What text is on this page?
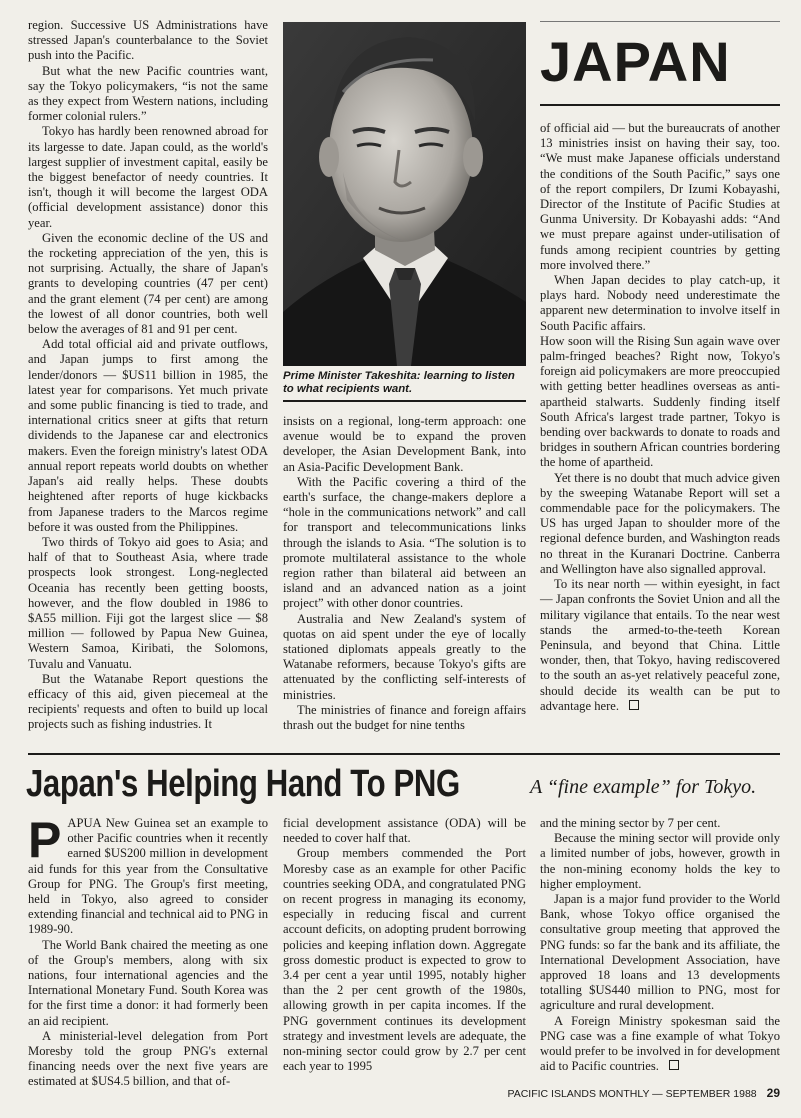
region. Successive US Administrations have stressed Japan's counterbalance to the Soviet push into the Pacific.

But what the new Pacific countries want, say the Tokyo policymakers, “is not the same as they expect from Western nations, including former colonial rulers.”

Tokyo has hardly been renowned abroad for its largesse to date. Japan could, as the world's largest supplier of investment capital, easily be the biggest benefactor of needy countries. It isn't, though it will become the largest ODA (official development assistance) donor this year.

Given the economic decline of the US and the rocketing appreciation of the yen, this is not surprising. Actually, the share of Japan's grants to developing countries (47 per cent) and the grant element (74 per cent) are among the lowest of all donor countries, both well below the averages of 81 and 91 per cent.

Add total official aid and private outflows, and Japan jumps to first among the lender/donors — $US11 billion in 1985, the latest year for comparisons. Yet much private and some public financing is tied to trade, and international critics sneer at gifts that return dividends to the Japanese car and electronics makers. Even the foreign ministry's latest ODA annual report repeats world doubts on whether Japan's aid really helps. These doubts heightened after reports of huge kickbacks from Japanese traders to the Marcos regime before it was ousted from the Philippines.

Two thirds of Tokyo aid goes to Asia; and half of that to Southeast Asia, where trade prospects look strongest. Long-neglected Oceania has recently been getting boosts, however, and the flow doubled in 1986 to $A55 million. Fiji got the largest slice — $8 million — followed by Papua New Guinea, Western Samoa, Kiribati, the Solomons, Tuvalu and Vanuatu.

But the Watanabe Report questions the efficacy of this aid, given piecemeal at the recipients' requests and often to build up local projects such as fishing industries. It

Prime Minister Takeshita: learning to listen to what recipients want.

insists on a regional, long-term approach: one avenue would be to expand the proven developer, the Asian Development Bank, into an Asia-Pacific Development Bank.

With the Pacific covering a third of the earth's surface, the change-makers deplore a “hole in the communications network” and call for transport and telecommunications links through the islands to Asia. “The solution is to promote multilateral assistance to the whole region rather than bilateral aid between an island and an advanced nation as a joint project” with other donor countries.

Australia and New Zealand's system of quotas on aid spent under the eye of locally stationed diplomats appeals greatly to the Watanabe reformers, because Tokyo's gifts are attenuated by the conflicting self-interests of ministries.

The ministries of finance and foreign affairs thrash out the budget for nine tenths

JAPAN

of official aid — but the bureaucrats of another 13 ministries insist on having their say, too. “We must make Japanese officials understand the conditions of the South Pacific,” says one of the report compilers, Dr Izumi Kobayashi, Director of the Institute of Pacific Studies at Gunma University. Dr Kobayashi adds: “And we must prepare against under-utilisation of funds among recipient countries by getting more involved there.”

When Japan decides to play catch-up, it plays hard. Nobody need underestimate the apparent new determination to involve itself in South Pacific affairs.

How soon will the Rising Sun again wave over palm-fringed beaches? Right now, Tokyo's foreign aid policymakers are more preoccupied with getting better headlines overseas as anti-apartheid stalwarts. Suddenly finding itself South Africa's largest trade partner, Tokyo is bending over backwards to donate to roads and bridges in southern African countries bordering the home of apartheid.

Yet there is no doubt that much advice given by the sweeping Watanabe Report will set a commendable pace for the policymakers. The US has urged Japan to shoulder more of the regional defence burden, and Washington reads no threat in the Kuranari Doctrine. Canberra and Wellington have also signalled approval.

To its near north — within eyesight, in fact — Japan confronts the Soviet Union and all the military vigilance that entails. To the near west stands the armed-to-the-teeth Korean Peninsula, and beyond that China. Little wonder, then, that Tokyo, having rediscovered to the south an as-yet relatively peaceful zone, should decide its wealth can be put to advantage here.

Japan's Helping Hand To PNG	A “fine example” for Tokyo.

PAPUA New Guinea set an example to other Pacific countries when it recently earned $US200 million in development aid funds for this year from the Consultative Group for PNG. The Group's first meeting, held in Tokyo, also agreed to consider extending financial and technical aid to PNG in 1989-90.

The World Bank chaired the meeting as one of the Group's members, along with six nations, four international agencies and the International Monetary Fund. South Korea was for the first time a donor: it had formerly been an aid recipient.

A ministerial-level delegation from Port Moresby told the group PNG's external financing needs over the next five years are estimated at $US4.5 billion, and that of-

ficial development assistance (ODA) will be needed to cover half that.

Group members commended the Port Moresby case as an example for other Pacific countries seeking ODA, and congratulated PNG on recent progress in managing its economy, especially in reducing fiscal and current account deficits, on adopting prudent borrowing policies and keeping inflation down. Aggregate gross domestic product is expected to grow to 3.4 per cent a year until 1995, notably higher than the 2 per cent growth of the 1980s, allowing growth in per capita incomes. If the PNG government continues its development strategy and investment levels are adequate, the non-mining sector could grow by 2.7 per cent each year to 1995

and the mining sector by 7 per cent.

Because the mining sector will provide only a limited number of jobs, however, growth in the non-mining economy holds the key to higher employment.

Japan is a major fund provider to the World Bank, whose Tokyo office organised the consultative group meeting that approved the PNG funds: so far the bank and its affiliate, the International Development Association, have approved 18 loans and 13 developments totalling $US440 million to PNG, most for agriculture and rural development.

A Foreign Ministry spokesman said the PNG case was a fine example of what Tokyo would prefer to be involved in for development aid to Pacific countries.

PACIFIC ISLANDS MONTHLY — SEPTEMBER 1988 29
